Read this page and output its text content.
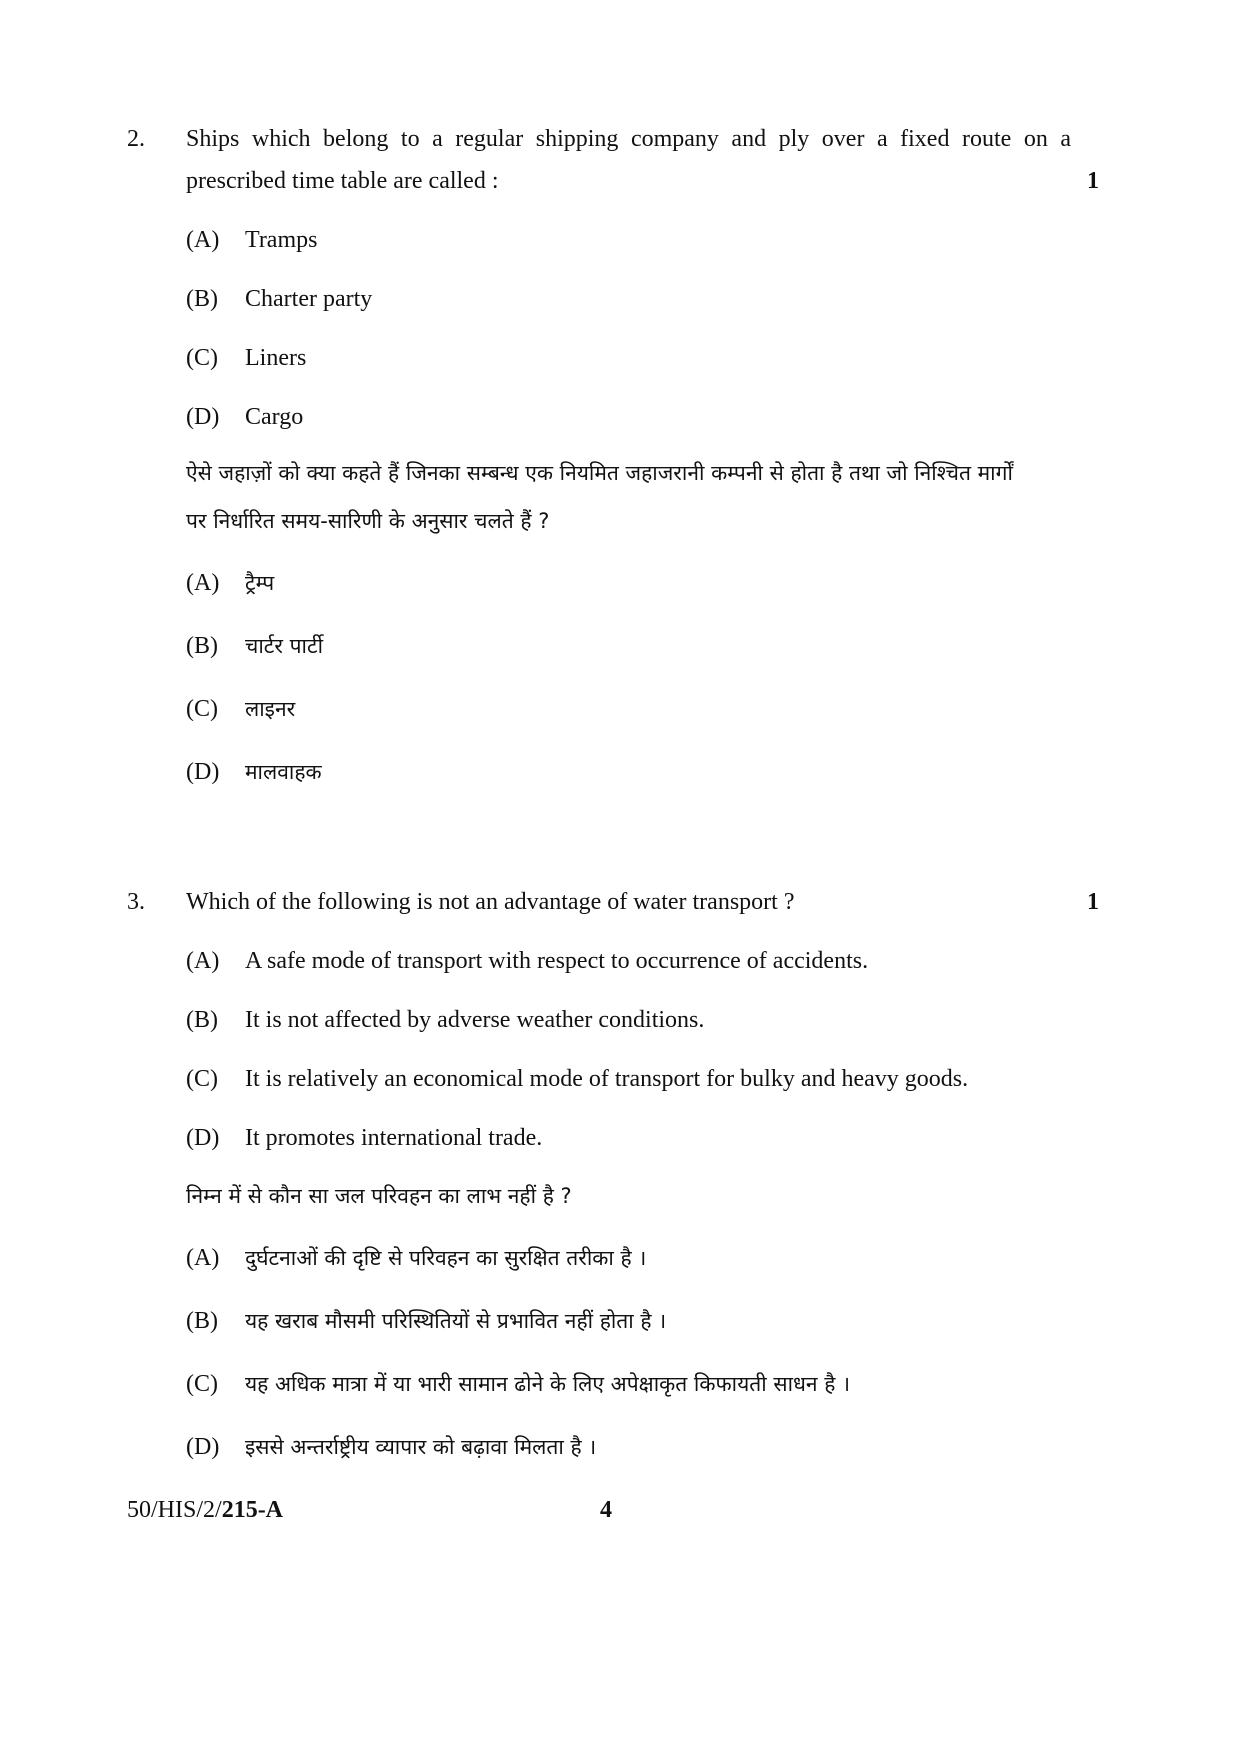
2. Ships which belong to a regular shipping company and ply over a fixed route on a
prescribed time table are called :	1
(A) Tramps
(B) Charter party
(C) Liners
(D) Cargo
ऐसे जहाज़ों को क्या कहते हैं जिनका सम्बन्ध एक नियमित जहाजरानी कम्पनी से होता है तथा जो निश्चित मार्गों
पर निर्धारित समय-सारिणी के अनुसार चलते हैं ?
(A) ट्रैम्प
(B) चार्टर पार्टी
(C) लाइनर
(D) मालवाहक
3. Which of the following is not an advantage of water transport ?	1
(A) A safe mode of transport with respect to occurrence of accidents.
(B) It is not affected by adverse weather conditions.
(C) It is relatively an economical mode of transport for bulky and heavy goods.
(D) It promotes international trade.
निम्न में से कौन सा जल परिवहन का लाभ नहीं है ?
(A) दुर्घटनाओं की दृष्टि से परिवहन का सुरक्षित तरीका है ।
(B) यह खराब मौसमी परिस्थितियों से प्रभावित नहीं होता है ।
(C) यह अधिक मात्रा में या भारी सामान ढोने के लिए अपेक्षाकृत किफायती साधन है ।
(D) इससे अन्तर्राष्ट्रीय व्यापार को बढ़ावा मिलता है ।
50/HIS/2/215-A	4
